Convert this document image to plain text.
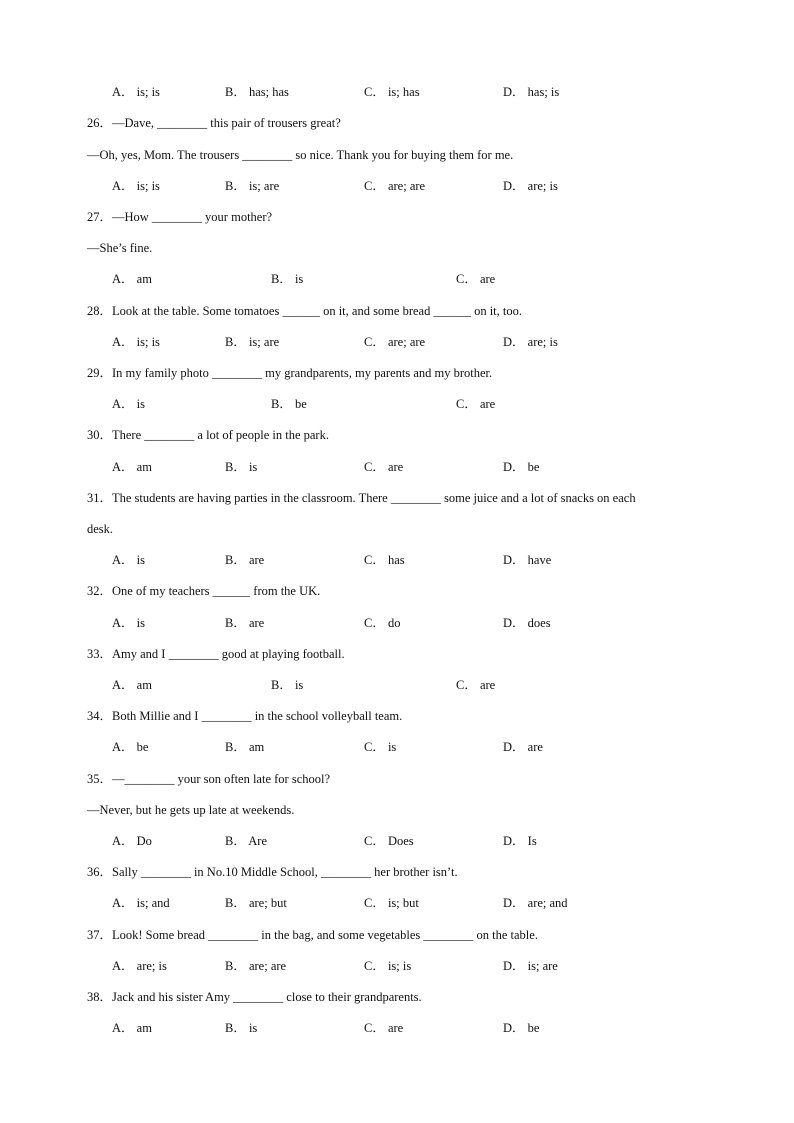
A． is; is	B． has; has	C． is; has	D． has; is
26．—Dave, ________ this pair of trousers great?
—Oh, yes, Mom. The trousers ________ so nice. Thank you for buying them for me.
A． is; is	B． is; are	C． are; are	D． are; is
27．—How ________ your mother?
—She’s fine.
A． am	B． is	C． are
28．Look at the table. Some tomatoes ______ on it, and some bread ______ on it, too.
A． is; is	B． is; are	C． are; are	D． are; is
29．In my family photo ________ my grandparents, my parents and my brother.
A． is	B． be	C． are
30．There ________ a lot of people in the park.
A． am	B． is	C． are	D． be
31．The students are having parties in the classroom. There ________ some juice and a lot of snacks on each
desk.
A． is	B． are	C． has	D． have
32．One of my teachers ______ from the UK.
A． is	B． are	C． do	D． does
33．Amy and I ________ good at playing football.
A． am	B． is	C． are
34．Both Millie and I ________ in the school volleyball team.
A． be	B． am	C． is	D． are
35．—________ your son often late for school?
—Never, but he gets up late at weekends.
A． Do	B． Are	C． Does	D． Is
36．Sally ________ in No.10 Middle School, ________ her brother isn’t.
A． is; and	B． are; but	C． is; but	D． are; and
37．Look! Some bread ________ in the bag, and some vegetables ________ on the table.
A． are; is	B． are; are	C． is; is	D． is; are
38．Jack and his sister Amy ________ close to their grandparents.
A． am	B． is	C． are	D． be
